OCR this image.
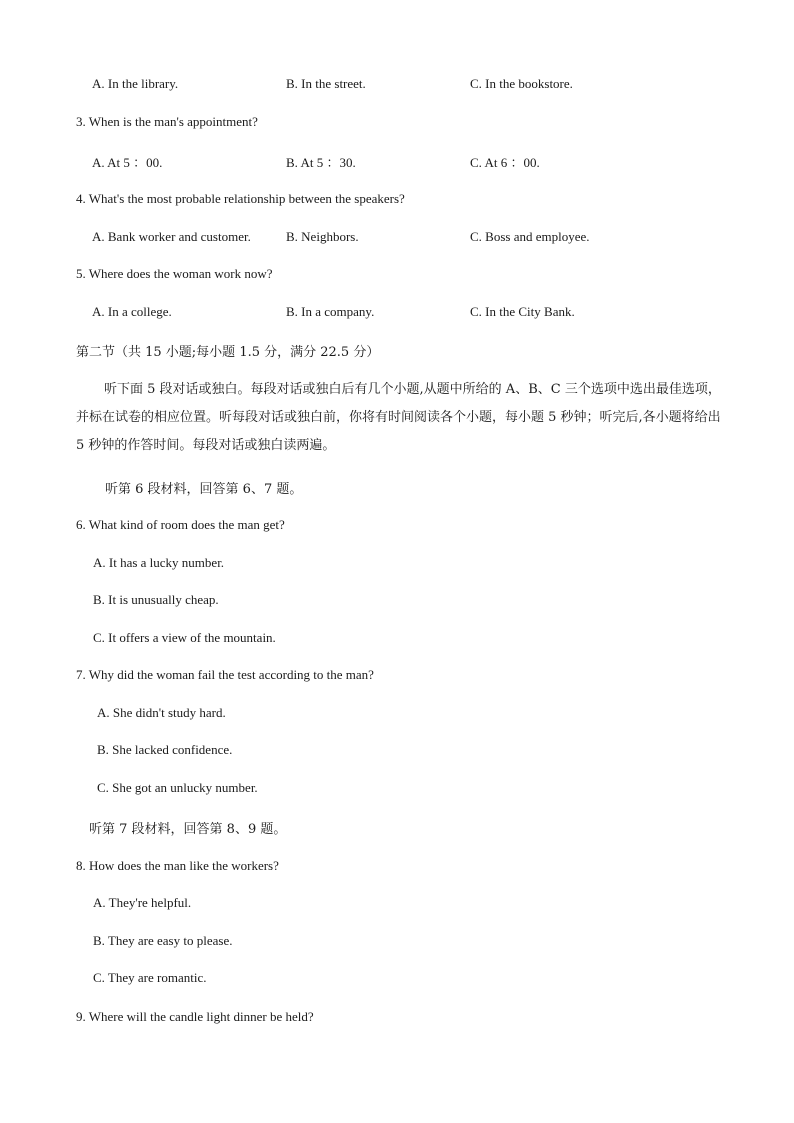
A. In the library.	B. In the street.	C. In the bookstore.
3. When is the man's appointment?
A. At 5 ：00.	B. At 5 ：30.	C. At 6 ：00.
4. What's the most probable relationship between the speakers?
A. Bank worker and customer.	B. Neighbors.	C. Boss and employee.
5. Where does the woman work now?
A. In a college.	B. In a company.	C. In the City Bank.
第二节（共 15 小题;每小题 1.5 分，满分 22.5 分）
听下面 5 段对话或独白。每段对话或独白后有几个小题,从题中所给的 A、B、C 三个选项中选出最佳选项，并标在试卷的相应位置。听每段对话或独白前，你将有时间阅读各个小题，每小题 5 秒钟；听完后,各小题将给出 5 秒钟的作答时间。每段对话或独白读两遍。
听第 6 段材料，回答第 6、7 题。
6. What kind of room does the man get?
A. It has a lucky number.
B. It is unusually cheap.
C. It offers a view of the mountain.
7. Why did the woman fail the test according to the man?
A. She didn't study hard.
B. She lacked confidence.
C. She got an unlucky number.
听第 7 段材料，回答第 8、9 题。
8. How does the man like the workers?
A. They're helpful.
B. They are easy to please.
C. They are romantic.
9. Where will the candle light dinner be held?
